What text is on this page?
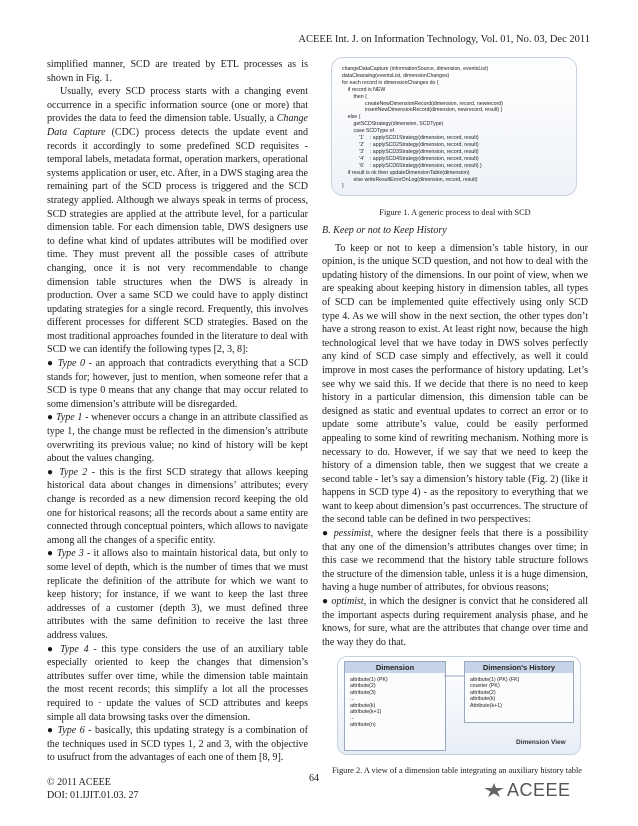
ACEEE Int. J. on Information Technology, Vol. 01, No. 03, Dec 2011

simplified manner, SCD are treated by ETL processes as is shown in Fig. 1.

Usually, every SCD process starts with a changing event occurrence in a specific information source (one or more) that provides the data to feed the dimension table. Usually, a Change Data Capture (CDC) process detects the update event and records it accordingly to some predefined SCD requisites - temporal labels, metadata format, operation markers, operational systems application or user, etc. After, in a DWS staging area the remaining part of the SCD process is triggered and the SCD strategy applied. Although we always speak in terms of process, SCD strategies are applied at the attribute level, for a particular dimension table. For each dimension table, DWS designers use to define what kind of updates attributes will be modified over time. They must prevent all the possible cases of attribute changing, once it is not very recommendable to change dimension table structures when the DWS is already in production. Over a same SCD we could have to apply distinct updating strategies for a single record. Frequently, this involves different processes for different SCD strategies. Based on the most traditional approaches founded in the literature to deal with SCD we can identify the following types [2, 3, 8]:

● Type 0 - an approach that contradicts everything that a SCD stands for; however, just to mention, when someone refer that a SCD is type 0 means that any change that may occur related to some dimension’s attribute will be disregarded.

● Type 1 - whenever occurs a change in an attribute classified as type 1, the change must be reflected in the dimension’s attribute overwriting its previous value; no kind of history will be kept about the values changing.

● Type 2 - this is the first SCD strategy that allows keeping historical data about changes in dimensions’ attributes; every change is recorded as a new dimension record keeping the old one for historical reasons; all the records about a same entity are connected through conceptual pointers, which allows to navigate among all the changes of a specific entity.

● Type 3 - it allows also to maintain historical data, but only to some level of depth, which is the number of times that we must replicate the definition of the attribute for which we want to keep history; for instance, if we want to keep the last three addresses of a customer (depth 3), we must defined three attributes with the same definition to receive the last three address values.

● Type 4 - this type considers the use of an auxiliary table especially oriented to keep the changes that dimension’s attributes suffer over time, while the dimension table maintain the most recent records; this simplify a lot all the processes required to · update the values of SCD attributes and keeps simple all data browsing tasks over the dimension.

● Type 6 - basically, this updating strategy is a combination of the techniques used in SCD types 1, 2 and 3, with the objective to usufruct from the advantages of each one of them [8, 9].

changeDataCapture (informationSource, dimension, eventsList)
dataCleansing(eventsList, dimensionChanges)
for each record in dimensionChanges do {
if record is NEW
then {
createNewDimensionRecord(dimension, record, newrecord)
insertNewDimensionRecord(dimension, newrecord, result) }
else {
getSCDStrategy(dimension, SCDType)
case SCDType of
'1'    : applySCD1Strategy(dimension, record, result)
'2'    : applySCD2Strategy(dimension, record, result)
'3'    : applySCD3Strategy(dimension, record, result)
'4'    : applySCD4Strategy(dimension, record, result)
'6'    : applySCD6Strategy(dimension, record, result) }
if result is ok then updateDimensionTable(dimension)
else writeResultErrorOnLog(dimension, record, result)
}
Figure 1. A generic process to deal with SCD

B. Keep or not to Keep History

To keep or not to keep a dimension’s table history, in our opinion, is the unique SCD question, and not how to deal with the updating history of the dimensions. In our point of view, when we are speaking about keeping history in dimension tables, all types of SCD can be implemented quite effectively using only SCD type 4. As we will show in the next section, the other types don’t have a strong reason to exist. At least right now, because the high technological level that we have today in DWS solves perfectly any kind of SCD case simply and effectively, as well it could improve in most cases the performance of history updating. Let’s see why we said this. If we decide that there is no need to keep history in a particular dimension, this dimension table can be designed as static and eventual updates to correct an error or to update some attribute’s value, could be easily performed appealing to some kind of rewriting mechanism. Nothing more is necessary to do. However, if we say that we need to keep the history of a dimension table, then we suggest that we create a second table - let’s say a dimension’s history table (Fig. 2) (like it happens in SCD type 4) - as the repository to everything that we want to keep about dimension’s past occurrences. The structure of the second table can be defined in two perspectives:

● pessimist, where the designer feels that there is a possibility that any one of the dimension’s attributes changes over time; in this case we recommend that the history table structure follows the structure of the dimension table, unless it is a huge dimension, having a huge number of attributes, for obvious reasons;

● optimist, in which the designer is convict that he considered all the important aspects during requirement analysis phase, and he knows, for sure, what are the attributes that change over time and the way they do that.

Dimension
attribute(1) (PK)
attribute(2)
attribute(3)
...
attribute(k)
attribute(k+1)
...
attribute(n)
Dimension's History
attribute(1) (PK) (FK)
counter (PK)
attribute(2)
attribute(k)
Attribute(k+1)
Dimension View
Figure 2. A view of a dimension table integrating an auxiliary history table
64
© 2011 ACEEE
DOI: 01.IJIT.01.03. 27	ACEEE
